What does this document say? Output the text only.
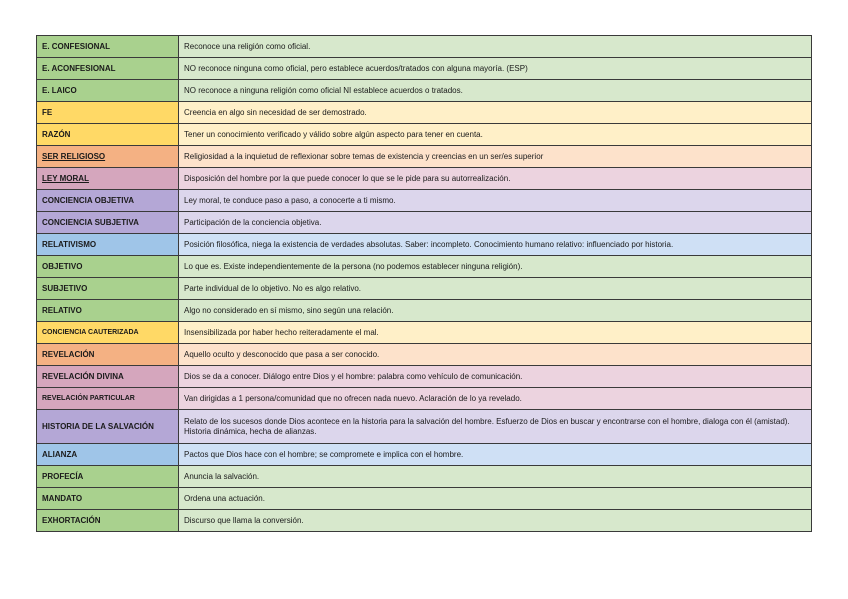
E. CONFESIONAL	Reconoce una religión como oficial.
E. ACONFESIONAL	NO reconoce ninguna como oficial, pero establece acuerdos/tratados con alguna mayoría. (ESP)
E. LAICO	NO reconoce a ninguna religión como oficial NI establece acuerdos o tratados.
FE	Creencia en algo sin necesidad de ser demostrado.
RAZÓN	Tener un conocimiento verificado y válido sobre algún aspecto para tener en cuenta.
SER RELIGIOSO	Religiosidad a la inquietud de reflexionar sobre temas de existencia y creencias en un ser/es superior
LEY MORAL	Disposición del hombre por la que puede conocer lo que se le pide para su autorrealización.
CONCIENCIA OBJETIVA	Ley moral, te conduce paso a paso, a conocerte a ti mismo.
CONCIENCIA SUBJETIVA	Participación de la conciencia objetiva.
RELATIVISMO	Posición filosófica, niega la existencia de verdades absolutas. Saber: incompleto. Conocimiento humano relativo: influenciado por historia.
OBJETIVO	Lo que es. Existe independientemente de la persona (no podemos establecer ninguna religión).
SUBJETIVO	Parte individual de lo objetivo. No es algo relativo.
RELATIVO	Algo no considerado en sí mismo, sino según una relación.
CONCIENCIA CAUTERIZADA	Insensibilizada por haber hecho reiteradamente el mal.
REVELACIÓN	Aquello oculto y desconocido que pasa a ser conocido.
REVELACIÓN DIVINA	Dios se da a conocer. Diálogo entre Dios y el hombre: palabra como vehículo de comunicación.
REVELACIÓN PARTICULAR	Van dirigidas a 1 persona/comunidad que no ofrecen nada nuevo. Aclaración de lo ya revelado.
HISTORIA DE LA SALVACIÓN	Relato de los sucesos donde Dios acontece en la historia para la salvación del hombre. Esfuerzo de Dios en buscar y encontrarse con el hombre, dialoga con él (amistad). Historia dinámica, hecha de alianzas.
ALIANZA	Pactos que Dios hace con el hombre; se compromete e implica con el hombre.
PROFECÍA	Anuncia la salvación.
MANDATO	Ordena una actuación.
EXHORTACIÓN	Discurso que llama la conversión.
